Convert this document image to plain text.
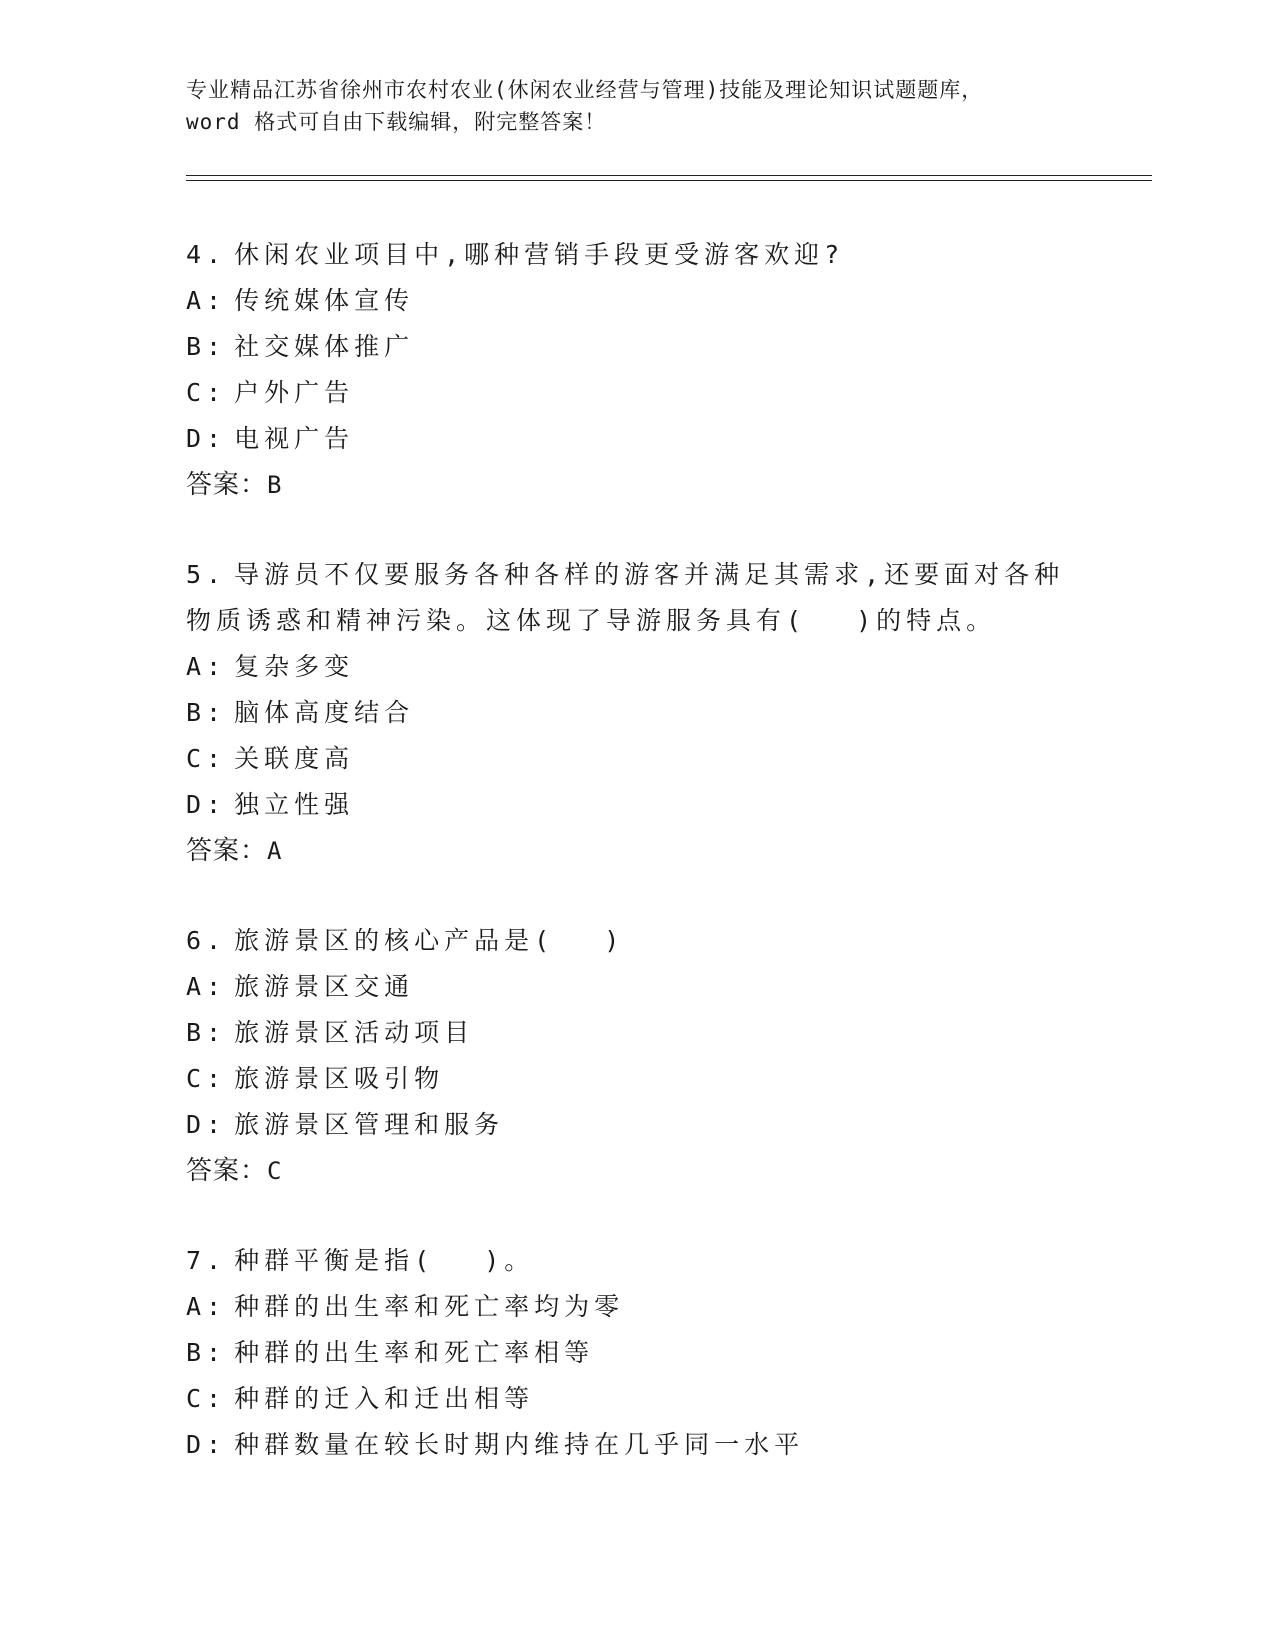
专业精品江苏省徐州市农村农业(休闲农业经营与管理)技能及理论知识试题题库，
word 格式可自由下载编辑，附完整答案！
4. 休闲农业项目中,哪种营销手段更受游客欢迎?
A: 传统媒体宣传
B: 社交媒体推广
C: 户外广告
D: 电视广告
答案：B
5. 导游员不仅要服务各种各样的游客并满足其需求,还要面对各种物质诱惑和精神污染。这体现了导游服务具有(　 )的特点。
A: 复杂多变
B: 脑体高度结合
C: 关联度高
D: 独立性强
答案：A
6. 旅游景区的核心产品是(　 )
A: 旅游景区交通
B: 旅游景区活动项目
C: 旅游景区吸引物
D: 旅游景区管理和服务
答案：C
7. 种群平衡是指(　 )。
A: 种群的出生率和死亡率均为零
B: 种群的出生率和死亡率相等
C: 种群的迁入和迁出相等
D: 种群数量在较长时期内维持在几乎同一水平
